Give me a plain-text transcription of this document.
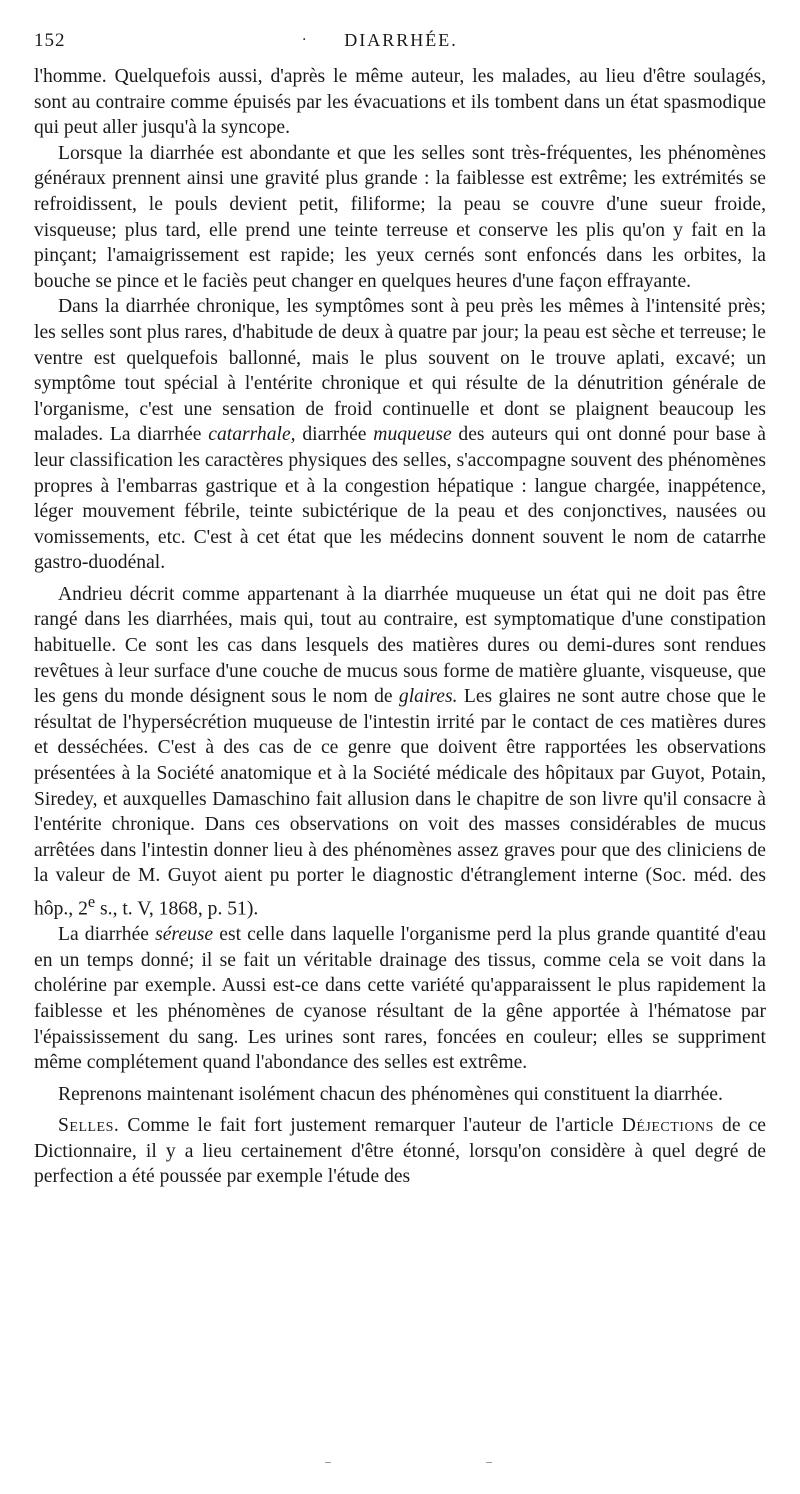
152	·	DIARRHÉE.

l'homme. Quelquefois aussi, d'après le même auteur, les malades, au lieu d'être soulagés, sont au contraire comme épuisés par les évacuations et ils tombent dans un état spasmodique qui peut aller jusqu'à la syncope.

Lorsque la diarrhée est abondante et que les selles sont très-fréquentes, les phénomènes généraux prennent ainsi une gravité plus grande : la faiblesse est extrême; les extrémités se refroidissent, le pouls devient petit, filiforme; la peau se couvre d'une sueur froide, visqueuse; plus tard, elle prend une teinte terreuse et conserve les plis qu'on y fait en la pinçant; l'amaigrissement est rapide; les yeux cernés sont enfoncés dans les orbites, la bouche se pince et le faciès peut changer en quelques heures d'une façon effrayante.

Dans la diarrhée chronique, les symptômes sont à peu près les mêmes à l'intensité près; les selles sont plus rares, d'habitude de deux à quatre par jour; la peau est sèche et terreuse; le ventre est quelquefois ballonné, mais le plus souvent on le trouve aplati, excavé; un symptôme tout spécial à l'entérite chronique et qui résulte de la dénutrition générale de l'organisme, c'est une sensation de froid continuelle et dont se plaignent beaucoup les malades. La diarrhée catarrhale, diarrhée muqueuse des auteurs qui ont donné pour base à leur classification les caractères physiques des selles, s'accompagne souvent des phénomènes propres à l'embarras gastrique et à la congestion hépatique : langue chargée, inappétence, léger mouvement fébrile, teinte subictérique de la peau et des conjonctives, nausées ou vomissements, etc. C'est à cet état que les médecins donnent souvent le nom de catarrhe gastro-duodénal.

Andrieu décrit comme appartenant à la diarrhée muqueuse un état qui ne doit pas être rangé dans les diarrhées, mais qui, tout au contraire, est symptomatique d'une constipation habituelle. Ce sont les cas dans lesquels des matières dures ou demi-dures sont rendues revêtues à leur surface d'une couche de mucus sous forme de matière gluante, visqueuse, que les gens du monde désignent sous le nom de glaires. Les glaires ne sont autre chose que le résultat de l'hypersécrétion muqueuse de l'intestin irrité par le contact de ces matières dures et desséchées. C'est à des cas de ce genre que doivent être rapportées les observations présentées à la Société anatomique et à la Société médicale des hôpitaux par Guyot, Potain, Siredey, et auxquelles Damaschino fait allusion dans le chapitre de son livre qu'il consacre à l'entérite chronique. Dans ces observations on voit des masses considérables de mucus arrêtées dans l'intestin donner lieu à des phénomènes assez graves pour que des cliniciens de la valeur de M. Guyot aient pu porter le diagnostic d'étranglement interne (Soc. méd. des hôp., 2e s., t. V, 1868, p. 51).

La diarrhée séreuse est celle dans laquelle l'organisme perd la plus grande quantité d'eau en un temps donné; il se fait un véritable drainage des tissus, comme cela se voit dans la cholérine par exemple. Aussi est-ce dans cette variété qu'apparaissent le plus rapidement la faiblesse et les phénomènes de cyanose résultant de la gêne apportée à l'hématose par l'épaississement du sang. Les urines sont rares, foncées en couleur; elles se suppriment même complétement quand l'abondance des selles est extrême.

Reprenons maintenant isolément chacun des phénomènes qui constituent la diarrhée.

Selles. Comme le fait fort justement remarquer l'auteur de l'article Déjections de ce Dictionnaire, il y a lieu certainement d'être étonné, lorsqu'on considère à quel degré de perfection a été poussée par exemple l'étude des
